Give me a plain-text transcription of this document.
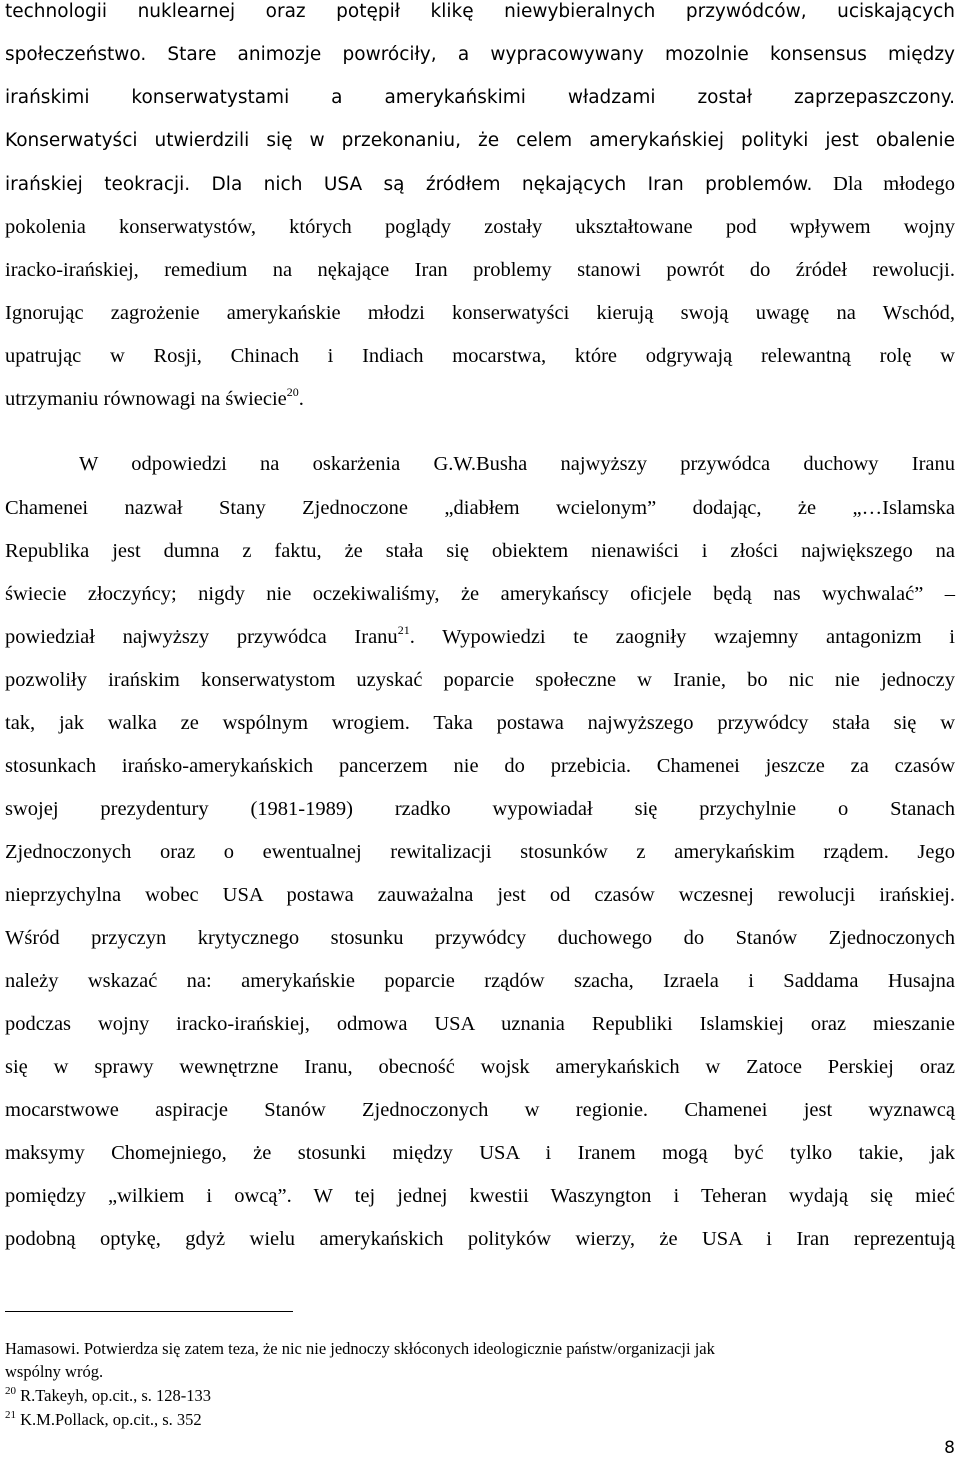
technologii nuklearnej oraz potępił klikę niewybieralnych przywódców, uciskających
społeczeństwo. Stare animozje powróciły, a wypracowywany mozolnie konsensus między
irańskimi konserwatystami a amerykańskimi władzami został zaprzepaszczony.
Konserwatyści utwierdzili się w przekonaniu, że celem amerykańskiej polityki jest obalenie
irańskiej teokracji. Dla nich USA są źródłem nękających Iran problemów. Dla młodego
pokolenia konserwatystów, których poglądy zostały ukształtowane pod wpływem wojny
iracko-irańskiej, remedium na nękające Iran problemy stanowi powrót do źródeł rewolucji.
Ignorując zagrożenie amerykańskie młodzi konserwatyści kierują swoją uwagę na Wschód,
upatrując w Rosji, Chinach i Indiach mocarstwa, które odgrywają relewantną rolę w
utrzymaniu równowagi na świecie$^{20}$.
W odpowiedzi na oskarżenia G.W.Busha najwyższy przywódca duchowy Iranu
Chamenei nazwał Stany Zjednoczone „diabłem wcielonym” dodając, że „…Islamska
Republika jest dumna z faktu, że stała się obiektem nienawiści i złości największego na
świecie złoczyńcy; nigdy nie oczekiwaliśmy, że amerykańscy oficjele będą nas wychwalać” –
powiedział najwyższy przywódca Iranu$^{21}$. Wypowiedzi te zaogniły wzajemny antagonizm i
pozwoliły irańskim konserwatystom uzyskać poparcie społeczne w Iranie, bo nic nie jednoczy
tak, jak walka ze wspólnym wrogiem. Taka postawa najwyższego przywódcy stała się w
stosunkach irańsko-amerykańskich pancerzem nie do przebicia. Chamenei jeszcze za czasów
swojej prezydentury (1981-1989) rzadko wypowiadał się przychylnie o Stanach
Zjednoczonych oraz o ewentualnej rewitalizacji stosunków z amerykańskim rządem. Jego
nieprzychylna wobec USA postawa zauważalna jest od czasów wczesnej rewolucji irańskiej.
Wśród przyczyn krytycznego stosunku przywódcy duchowego do Stanów Zjednoczonych
należy wskazać na: amerykańskie poparcie rządów szacha, Izraela i Saddama Husajna
podczas wojny iracko-irańskiej, odmowa USA uznania Republiki Islamskiej oraz mieszanie
się w sprawy wewnętrzne Iranu, obecność wojsk amerykańskich w Zatoce Perskiej oraz
mocarstwowe aspiracje Stanów Zjednoczonych w regionie. Chamenei jest wyznawcą
maksymy Chomejniego, że stosunki między USA i Iranem mogą być tylko takie, jak
pomiędzy „wilkiem i owcą”. W tej jednej kwestii Waszyngton i Teheran wydają się mieć
podobną optykę, gdyż wielu amerykańskich polityków wierzy, że USA i Iran reprezentują
Hamasowi. Potwierdza się zatem teza, że nic nie jednoczy skłóconych ideologicznie państw/organizacji jak
wspólny wróg.
$^{20}$ R.Takeyh, op.cit., s. 128-133
$^{21}$ K.M.Pollack, op.cit., s. 352
8
